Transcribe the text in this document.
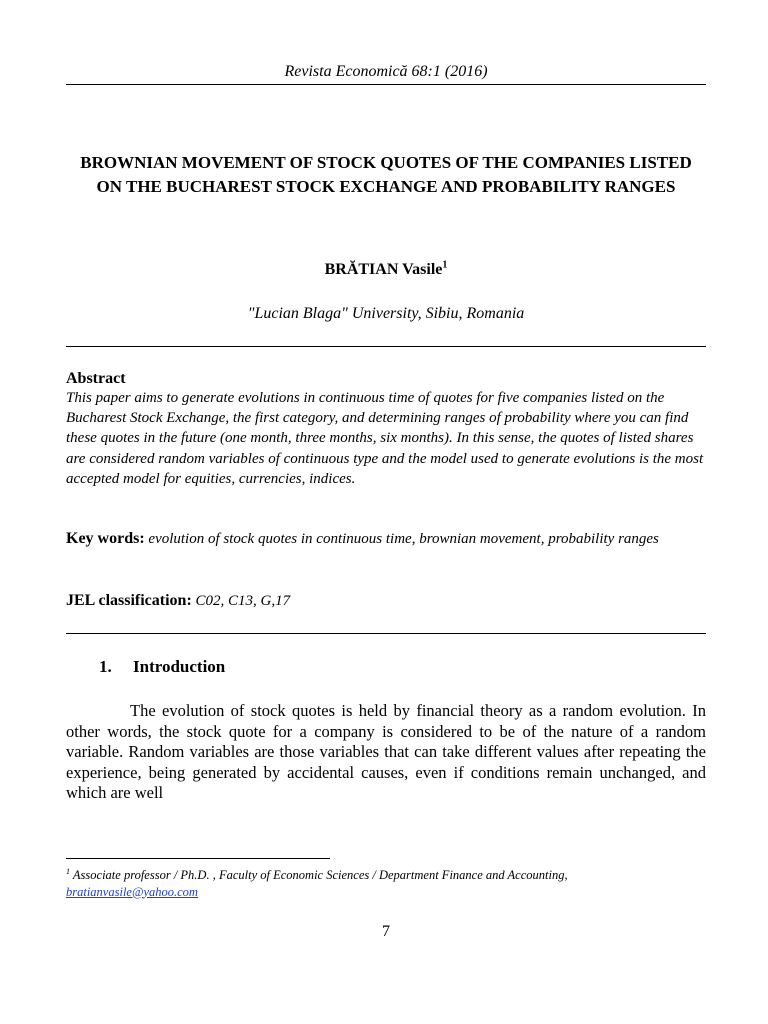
Revista Economică 68:1 (2016)
BROWNIAN MOVEMENT OF STOCK QUOTES OF THE COMPANIES LISTED ON THE BUCHAREST STOCK EXCHANGE AND PROBABILITY RANGES
BRĂTIAN Vasile$^1$
"Lucian Blaga" University, Sibiu, Romania
Abstract
This paper aims to generate evolutions in continuous time of quotes for five companies listed on the Bucharest Stock Exchange, the first category, and determining ranges of probability where you can find these quotes in the future (one month, three months, six months). In this sense, the quotes of listed shares are considered random variables of continuous type and the model used to generate evolutions is the most accepted model for equities, currencies, indices.
Key words: evolution of stock quotes in continuous time, brownian movement, probability ranges
JEL classification: C02, C13, G,17
1. Introduction
The evolution of stock quotes is held by financial theory as a random evolution. In other words, the stock quote for a company is considered to be of the nature of a random variable. Random variables are those variables that can take different values after repeating the experience, being generated by accidental causes, even if conditions remain unchanged, and which are well
$^1$ Associate professor / Ph.D. , Faculty of Economic Sciences / Department Finance and Accounting,
bratianvasile@yahoo.com
7
